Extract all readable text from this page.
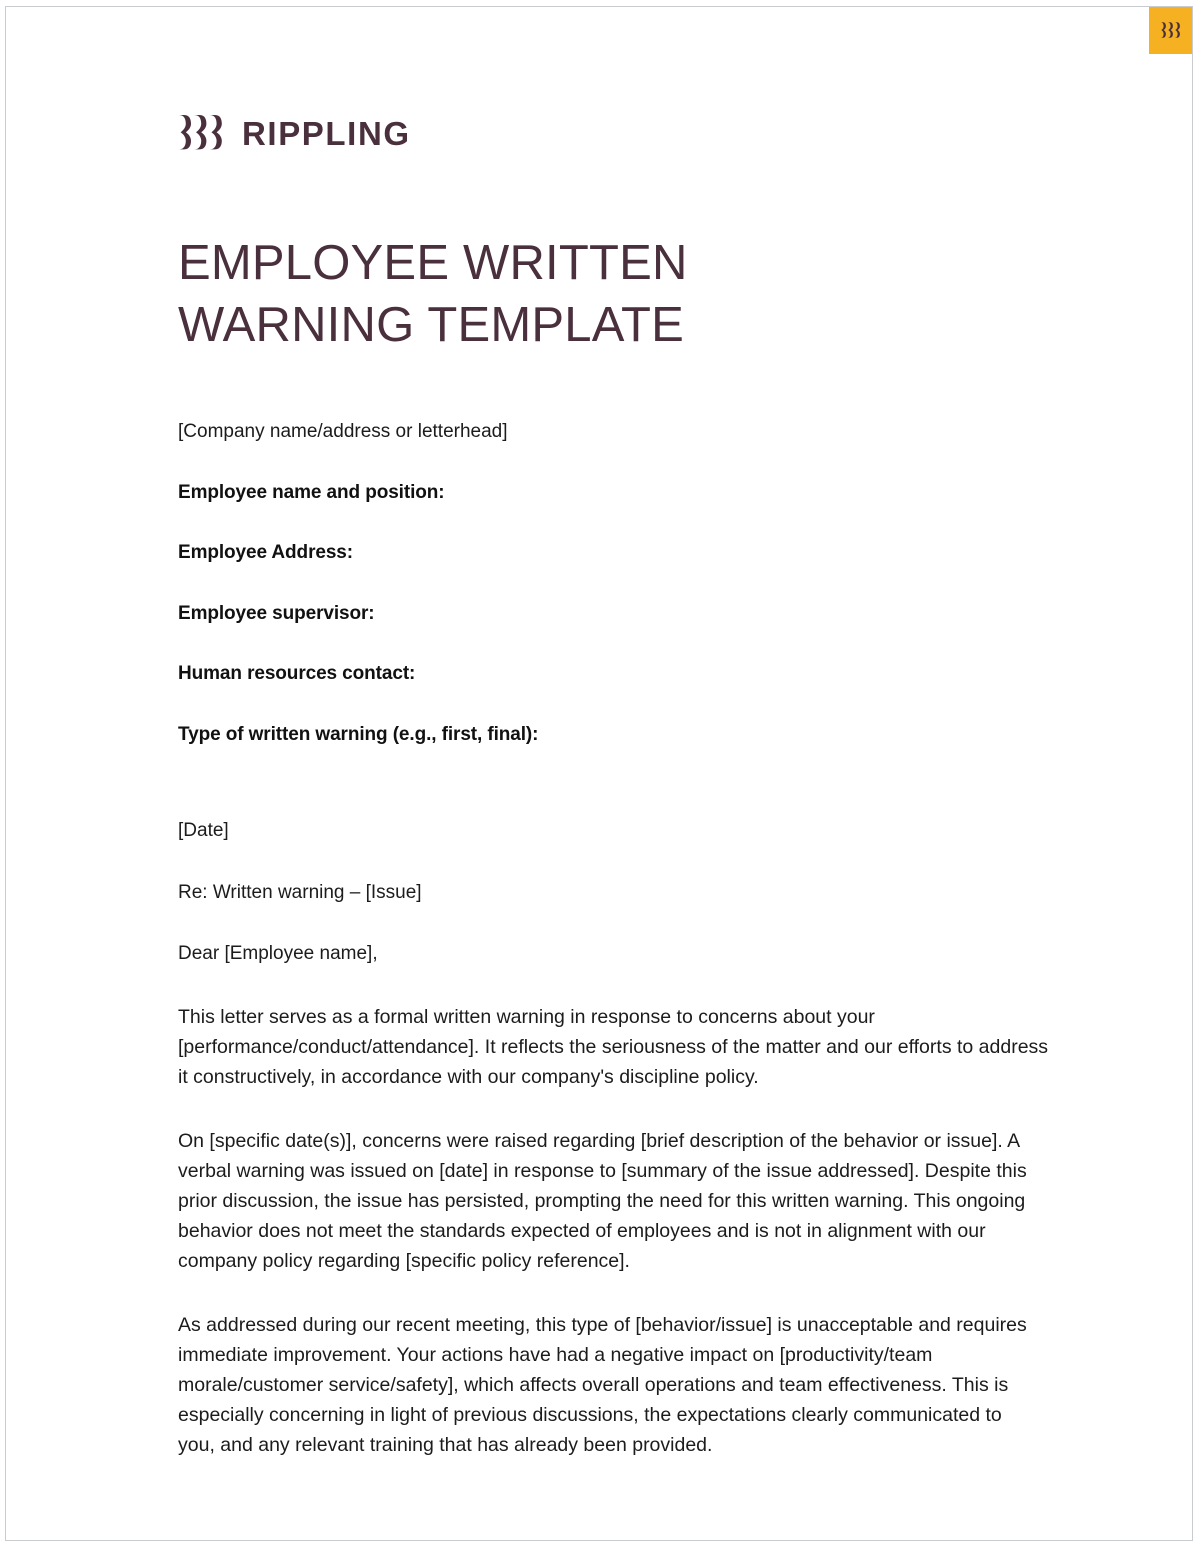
RIPPLING
EMPLOYEE WRITTEN WARNING TEMPLATE
[Company name/address or letterhead]
Employee name and position:
Employee Address:
Employee supervisor:
Human resources contact:
Type of written warning (e.g., first, final):

[Date]

Re: Written warning – [Issue]

Dear [Employee name],

This letter serves as a formal written warning in response to concerns about your [performance/conduct/attendance]. It reflects the seriousness of the matter and our efforts to address it constructively, in accordance with our company's discipline policy.

On [specific date(s)], concerns were raised regarding [brief description of the behavior or issue]. A verbal warning was issued on [date] in response to [summary of the issue addressed]. Despite this prior discussion, the issue has persisted, prompting the need for this written warning. This ongoing behavior does not meet the standards expected of employees and is not in alignment with our company policy regarding [specific policy reference].

As addressed during our recent meeting, this type of [behavior/issue] is unacceptable and requires immediate improvement. Your actions have had a negative impact on [productivity/team morale/customer service/safety], which affects overall operations and team effectiveness. This is especially concerning in light of previous discussions, the expectations clearly communicated to you, and any relevant training that has already been provided.
